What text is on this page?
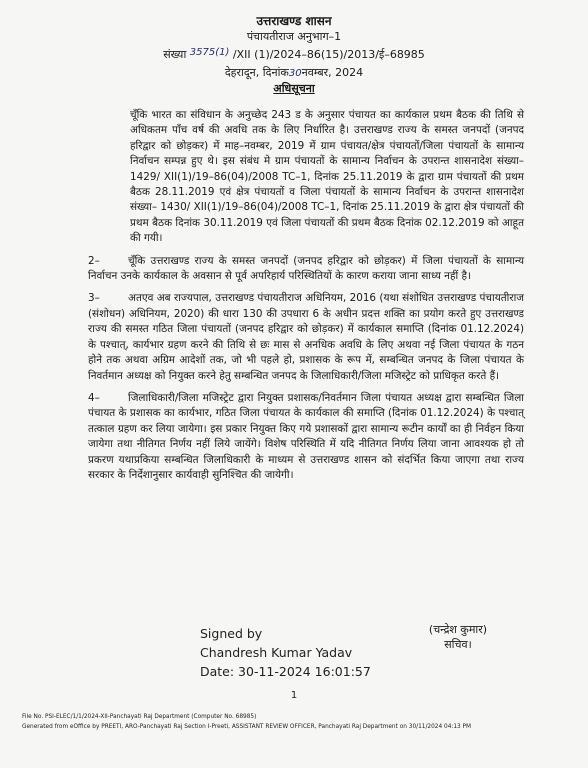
उत्तराखण्ड शासन
पंचायतीराज अनुभाग–1
संख्या 3575(1) /XII (1)/2024–86(15)/2013/ई–68985
देहरादून, दिनांक30नवम्बर, 2024
अधिसूचना

चूँकि भारत का संविधान के अनुच्छेद 243 ड के अनुसार पंचायत का कार्यकाल प्रथम बैठक की तिथि से अधिकतम पाँच वर्ष की अवधि तक के लिए निर्धारित है। उत्तराखण्ड राज्य के समस्त जनपदों (जनपद हरिद्वार को छोड़कर) में माह–नवम्बर, 2019 में ग्राम पंचायत/क्षेत्र पंचायतों/जिला पंचायतों के सामान्य निर्वाचन सम्पन्न हुए थे। इस संबंध मे ग्राम पंचायतों के सामान्य निर्वाचन के उपरान्त शासनादेश संख्या–1429/ XII(1)/19–86(04)/2008 TC–1, दिनांक 25.11.2019 के द्वारा ग्राम पंचायतों की प्रथम बैठक 28.11.2019 एवं क्षेत्र पंचायतों व जिला पंचायतों के सामान्य निर्वाचन के उपरान्त शासनादेश संख्या– 1430/ XII(1)/19–86(04)/2008 TC–1, दिनांक 25.11.2019 के द्वारा क्षेत्र पंचायतों की प्रथम बैठक दिनांक 30.11.2019 एवं जिला पंचायतों की प्रथम बैठक दिनांक 02.12.2019 को आहूत की गयी।

2–	चूँकि उत्तराखण्ड राज्य के समस्त जनपदों (जनपद हरिद्वार को छोड़कर) में जिला पंचायतों के सामान्य निर्वाचन उनके कार्यकाल के अवसान से पूर्व अपरिहार्य परिस्थितियों के कारण कराया जाना साध्य नहीं है।

3–	अतएव अब राज्यपाल, उत्तराखण्ड पंचायतीराज अधिनियम, 2016 (यथा संशोधित उत्तराखण्ड पंचायतीराज (संशोधन) अधिनियम, 2020) की धारा 130 की उपधारा 6 के अधीन प्रदत्त शक्ति का प्रयोग करते हुए उत्तराखण्ड राज्य की समस्त गठित जिला पंचायतों (जनपद हरिद्वार को छोड़कर) में कार्यकाल समाप्ति (दिनांक 01.12.2024) के पश्चात्, कार्यभार ग्रहण करने की तिथि से छः मास से अनधिक अवधि के लिए अथवा नई जिला पंचायत के गठन होने तक अथवा अग्रिम आदेशों तक, जो भी पहले हो, प्रशासक के रूप में, सम्बन्धित जनपद के जिला पंचायत के निवर्तमान अध्यक्ष को नियुक्त करने हेतु सम्बन्धित जनपद के जिलाधिकारी/जिला मजिस्ट्रेट को प्राधिकृत करते हैं।

4–	जिलाधिकारी/जिला मजिस्ट्रेट द्वारा नियुक्त प्रशासक/निवर्तमान जिला पंचायत अध्यक्ष द्वारा सम्बन्धित जिला पंचायत के प्रशासक का कार्यभार, गठित जिला पंचायत के कार्यकाल की समाप्ति (दिनांक 01.12.2024) के पश्चात् तत्काल ग्रहण कर लिया जायेगा। इस प्रकार नियुक्त किए गये प्रशासकों द्वारा सामान्य रूटीन कार्यों का ही निर्वहन किया जायेगा तथा नीतिगत निर्णय नहीं लिये जायेंगे। विशेष परिस्थिति में यदि नीतिगत निर्णय लिया जाना आवश्यक हो तो प्रकरण यथाप्रकिया सम्बन्धित जिलाधिकारी के माध्यम से उत्तराखण्ड शासन को संदर्भित किया जाएगा तथा राज्य सरकार के निर्देशानुसार कार्यवाही सुनिश्चित की जायेगी।

Signed by
Chandresh Kumar Yadav
Date: 30-11-2024 16:01:57
(चन्द्रेश कुमार)
सचिव।
1
File No. PSI-ELEC/1/1/2024-XII-Panchayati Raj Department (Computer No. 68985)
Generated from eOffice by PREETI, ARO-Panchayati Raj Section I-Preeti, ASSISTANT REVIEW OFFICER, Panchayati Raj Department on 30/11/2024 04:13 PM
